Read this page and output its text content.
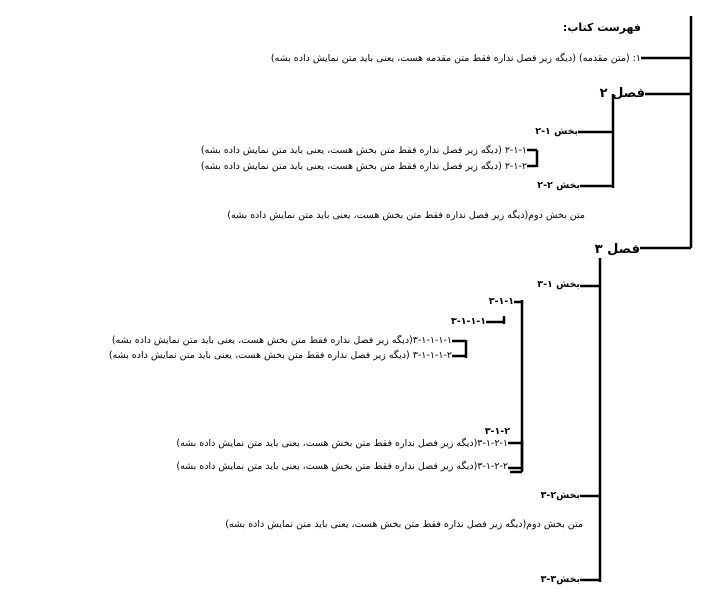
فهرست كتاب:
۱: (متن مقدمه) (ديگه زير فصل نداره فقط متن مقدمه هست، يعنی بايد متن نمايش داده بشه)
فصل ۲
بخش ۱-۲
۲-۱-۱ (ديگه زير فصل نداره فقط متن بخش هست، يعنی بايد متن نمايش داده بشه)
۲-۱-۲ (ديگه زير فصل نداره فقط متن بخش هست، يعنی بايد متن نمايش داده بشه)
بخش ۲-۲
متن بخش دوم(ديگه زير فصل نداره فقط متن بخش هست، يعنی بايد متن نمايش داده بشه)
فصل ۳
بخش ۱-۳
۳-۱-۱
۳-۱-۱-۱
۳-۱-۱-۱-۱(ديگه زير فصل نداره فقط متن بخش هست، يعنی بايد متن نمايش داده بشه)
۳-۱-۱-۱-۲ (ديگه زير فصل نداره فقط متن بخش هست، يعنی بايد متن نمايش داده بشه)
۳-۱-۲
۳-۱-۲-۱(ديگه زير فصل نداره فقط متن بخش هست، يعنی بايد متن نمايش داده بشه)
۳-۱-۲-۲(ديگه زير فصل نداره فقط متن بخش هست، يعنی بايد متن نمايش داده بشه)
بخش۲-۳
متن بخش دوم(ديگه زير فصل نداره فقط متن بخش هست، يعنی بايد متن نمايش داده بشه)
بخش۳-۳
